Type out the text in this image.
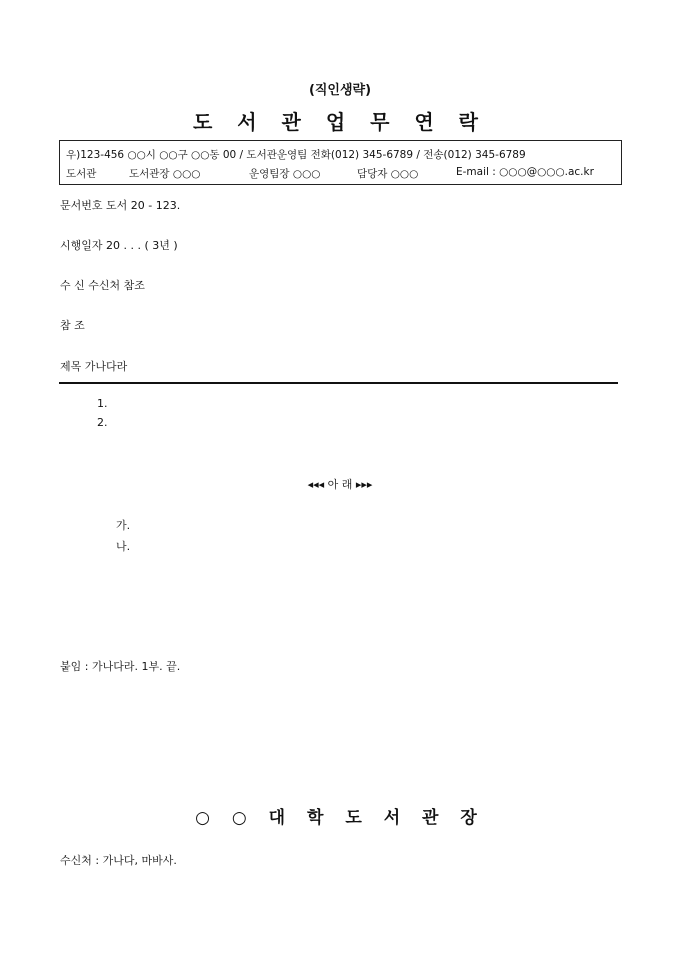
(직인생략)
도 서 관 업 무 연 락
우)123-456 ○○시 ○○구 ○○동 00 / 도서관운영팀 전화(012) 345-6789 / 전송(012) 345-6789
도서관	도서관장 ○○○	운영팀장 ○○○	담당자 ○○○	E-mail : ○○○@○○○.ac.kr
문서번호 도서 20 - 123.
시행일자 20 . . . ( 3년 )
수 신 수신처 참조
참 조
제목 가나다라
1.
2.
◂◂◂ 아 래 ▸▸▸
가.
나.
붙임 : 가나다라. 1부. 끝.
○ ○ 대 학 도 서 관 장
수신처 : 가나다, 마바사.
